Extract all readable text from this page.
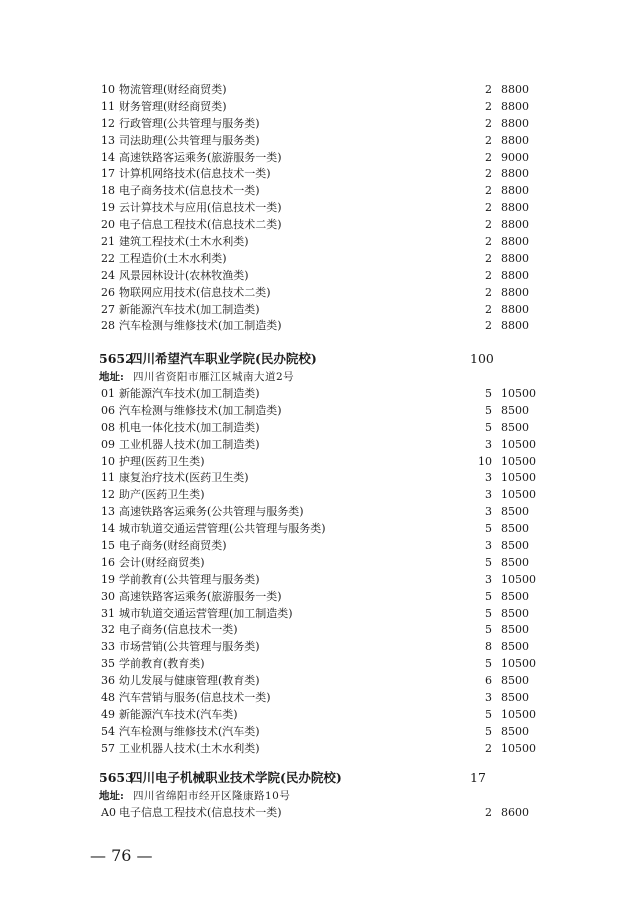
10 物流管理(财经商贸类)	2 8800
11 财务管理(财经商贸类)	2 8800
12 行政管理(公共管理与服务类)	2 8800
13 司法助理(公共管理与服务类)	2 8800
14 高速铁路客运乘务(旅游服务一类)	2 9000
17 计算机网络技术(信息技术一类)	2 8800
18 电子商务技术(信息技术一类)	2 8800
19 云计算技术与应用(信息技术一类)	2 8800
20 电子信息工程技术(信息技术二类)	2 8800
21 建筑工程技术(土木水利类)	2 8800
22 工程造价(土木水利类)	2 8800
24 风景园林设计(农林牧渔类)	2 8800
26 物联网应用技术(信息技术二类)	2 8800
27 新能源汽车技术(加工制造类)	2 8800
28 汽车检测与维修技术(加工制造类)	2 8800
5652
四川希望汽车职业学院(民办院校)	100
地址: 四川省资阳市雁江区城南大道2号
01 新能源汽车技术(加工制造类)	5 10500
06 汽车检测与维修技术(加工制造类)	5 8500
08 机电一体化技术(加工制造类)	5 8500
09 工业机器人技术(加工制造类)	3 10500
10 护理(医药卫生类)	10 10500
11 康复治疗技术(医药卫生类)	3 10500
12 助产(医药卫生类)	3 10500
13 高速铁路客运乘务(公共管理与服务类)	3 8500
14 城市轨道交通运营管理(公共管理与服务类)	5 8500
15 电子商务(财经商贸类)	3 8500
16 会计(财经商贸类)	5 8500
19 学前教育(公共管理与服务类)	3 10500
30 高速铁路客运乘务(旅游服务一类)	5 8500
31 城市轨道交通运营管理(加工制造类)	5 8500
32 电子商务(信息技术一类)	5 8500
33 市场营销(公共管理与服务类)	8 8500
35 学前教育(教育类)	5 10500
36 幼儿发展与健康管理(教育类)	6 8500
48 汽车营销与服务(信息技术一类)	3 8500
49 新能源汽车技术(汽车类)	5 10500
54 汽车检测与维修技术(汽车类)	5 8500
57 工业机器人技术(土木水利类)	2 10500
5653
四川电子机械职业技术学院(民办院校)	17
地址: 四川省绵阳市经开区隆康路10号
A0 电子信息工程技术(信息技术一类)	2 8600
— 76 —
